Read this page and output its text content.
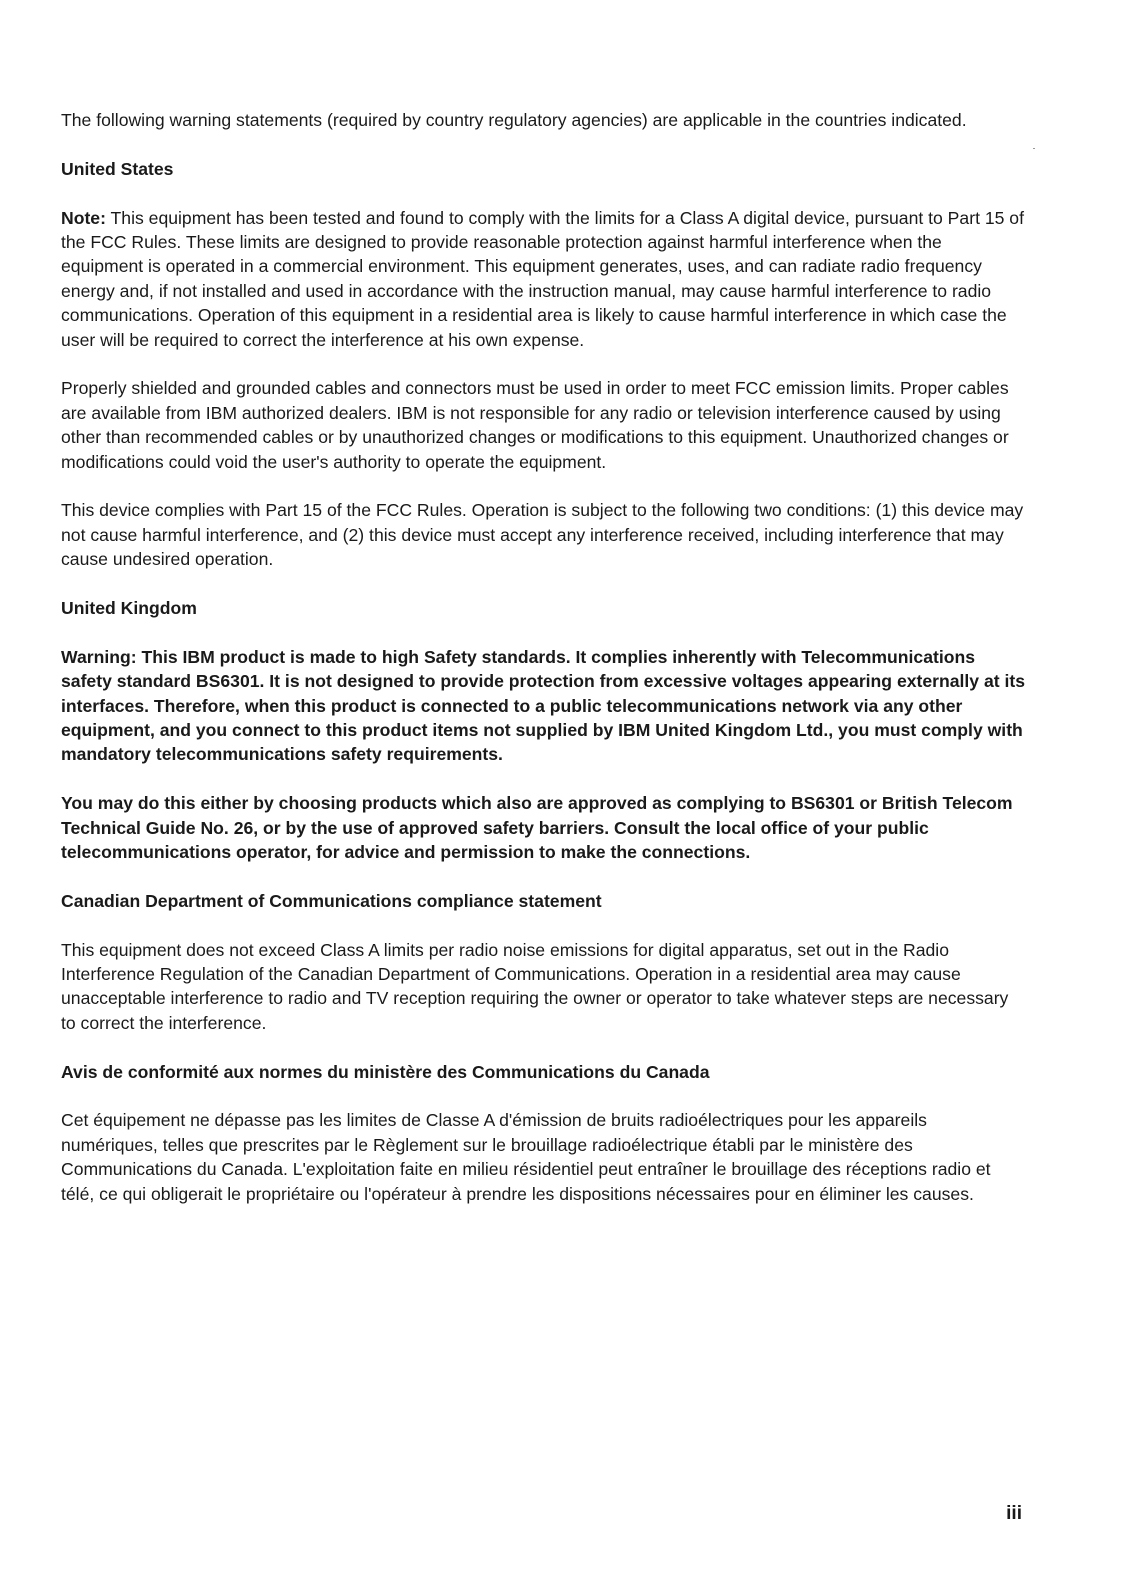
The following warning statements (required by country regulatory agencies) are applicable in the countries indicated.

United States

Note: This equipment has been tested and found to comply with the limits for a Class A digital device, pursuant to Part 15 of the FCC Rules. These limits are designed to provide reasonable protection against harmful interference when the equipment is operated in a commercial environment. This equipment generates, uses, and can radiate radio frequency energy and, if not installed and used in accordance with the instruction manual, may cause harmful interference to radio communications. Operation of this equipment in a residential area is likely to cause harmful interference in which case the user will be required to correct the interference at his own expense.

Properly shielded and grounded cables and connectors must be used in order to meet FCC emission limits. Proper cables are available from IBM authorized dealers. IBM is not responsible for any radio or television interference caused by using other than recommended cables or by unauthorized changes or modifications to this equipment. Unauthorized changes or modifications could void the user's authority to operate the equipment.

This device complies with Part 15 of the FCC Rules. Operation is subject to the following two conditions: (1) this device may not cause harmful interference, and (2) this device must accept any interference received, including interference that may cause undesired operation.

United Kingdom

Warning: This IBM product is made to high Safety standards. It complies inherently with Telecommunications safety standard BS6301. It is not designed to provide protection from excessive voltages appearing externally at its interfaces. Therefore, when this product is connected to a public telecommunications network via any other equipment, and you connect to this product items not supplied by IBM United Kingdom Ltd., you must comply with mandatory telecommunications safety requirements.

You may do this either by choosing products which also are approved as complying to BS6301 or British Telecom Technical Guide No. 26, or by the use of approved safety barriers. Consult the local office of your public telecommunications operator, for advice and permission to make the connections.

Canadian Department of Communications compliance statement

This equipment does not exceed Class A limits per radio noise emissions for digital apparatus, set out in the Radio Interference Regulation of the Canadian Department of Communications. Operation in a residential area may cause unacceptable interference to radio and TV reception requiring the owner or operator to take whatever steps are necessary to correct the interference.

Avis de conformité aux normes du ministère des Communications du Canada

Cet équipement ne dépasse pas les limites de Classe A d'émission de bruits radioélectriques pour les appareils numériques, telles que prescrites par le Règlement sur le brouillage radioélectrique établi par le ministère des Communications du Canada. L'exploitation faite en milieu résidentiel peut entraîner le brouillage des réceptions radio et télé, ce qui obligerait le propriétaire ou l'opérateur à prendre les dispositions nécessaires pour en éliminer les causes.

iii
